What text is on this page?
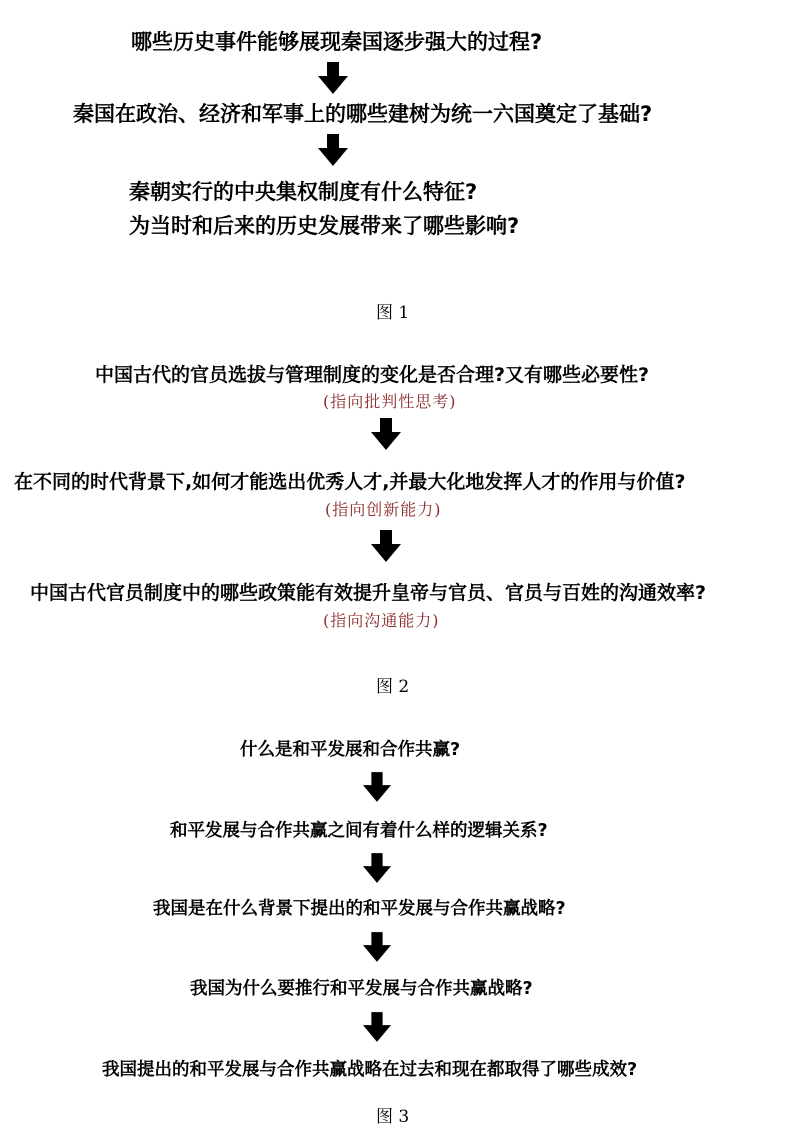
哪些历史事件能够展现秦国逐步强大的过程?

秦国在政治、经济和军事上的哪些建树为统一六国奠定了基础?

秦朝实行的中央集权制度有什么特征?

为当时和后来的历史发展带来了哪些影响?

图 1

中国古代的官员选拔与管理制度的变化是否合理?又有哪些必要性?

(指向批判性思考)

在不同的时代背景下,如何才能选出优秀人才,并最大化地发挥人才的作用与价值?

(指向创新能力)

中国古代官员制度中的哪些政策能有效提升皇帝与官员、官员与百姓的沟通效率?

(指向沟通能力)

图 2

什么是和平发展和合作共赢?

和平发展与合作共赢之间有着什么样的逻辑关系?

我国是在什么背景下提出的和平发展与合作共赢战略?

我国为什么要推行和平发展与合作共赢战略?

我国提出的和平发展与合作共赢战略在过去和现在都取得了哪些成效?

图 3
